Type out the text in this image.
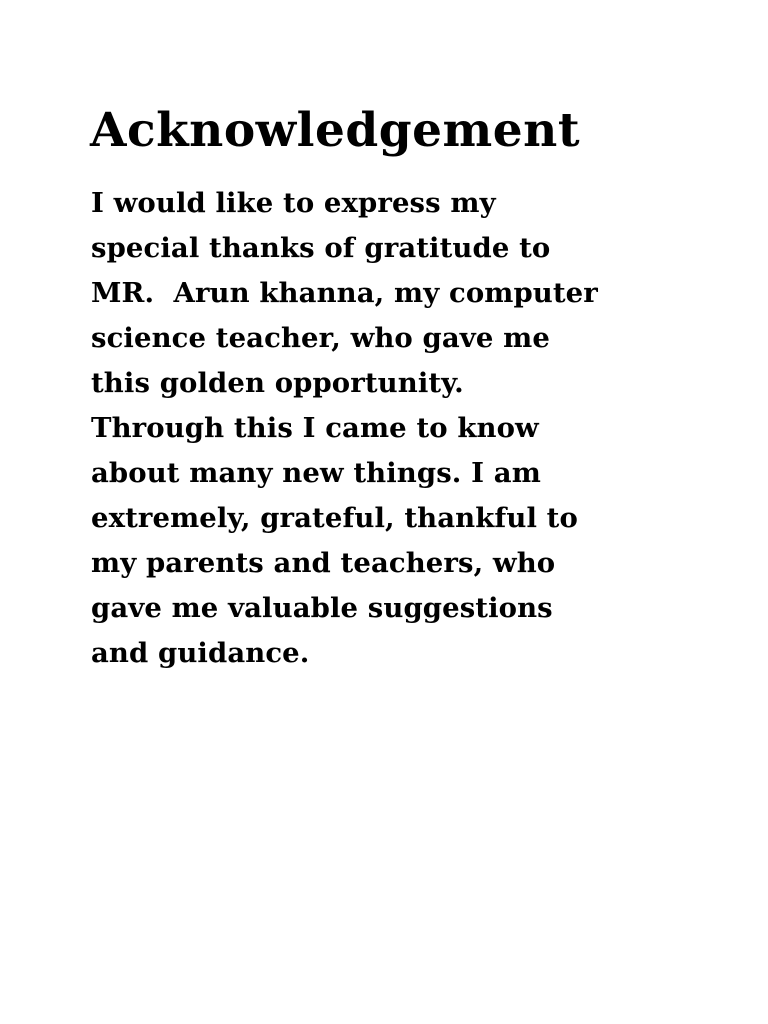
Acknowledgement
I would like to express my
special thanks of gratitude to
MR.  Arun khanna, my computer
science teacher, who gave me
this golden opportunity.
Through this I came to know
about many new things. I am
extremely, grateful, thankful to
my parents and teachers, who
gave me valuable suggestions
and guidance.
